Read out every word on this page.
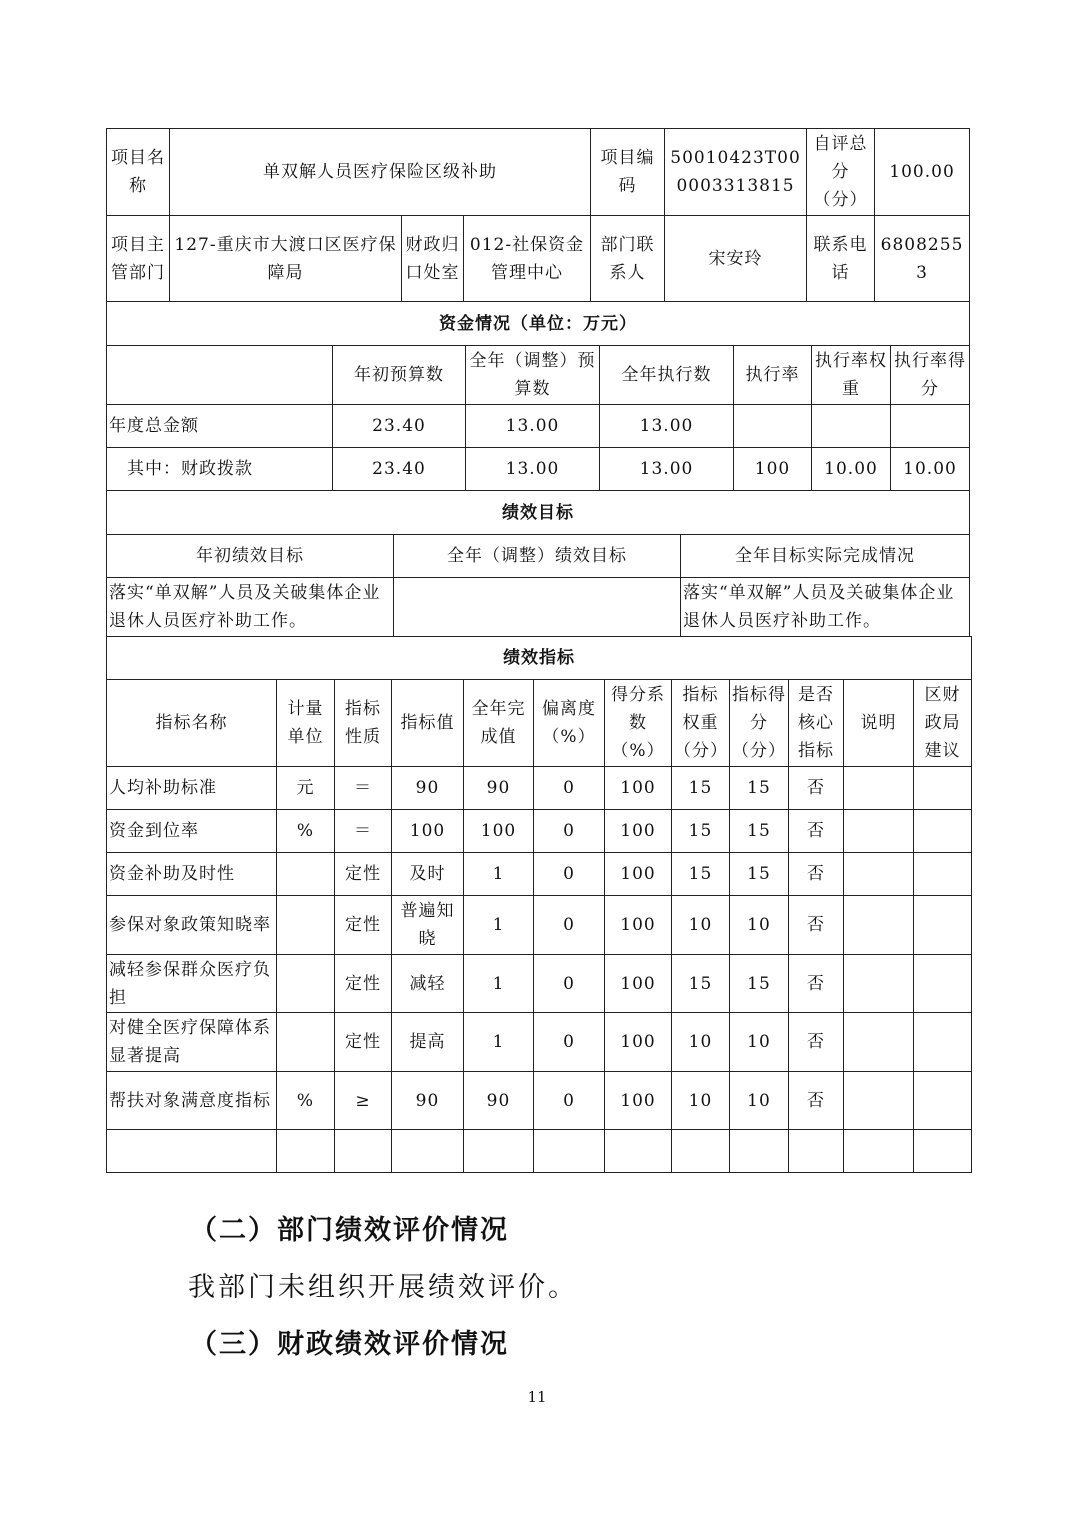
项目名称	单双解人员医疗保险区级补助			项目编码	50010423T000003313815	自评总分（分）	100.00
项目主管部门	127-重庆市大渡口区医疗保障局	财政归口处室	012-社保资金管理中心	部门联系人	宋安玲	联系电话	68082553
资金情况（单位：万元）						
	年初预算数	全年（调整）预算数	全年执行数	执行率	执行率权重	执行率得分
年度总金额	23.40	13.00	13.00			
其中：财政拨款	23.40	13.00	13.00	100	10.00	10.00
绩效目标		
年初绩效目标	全年（调整）绩效目标	全年目标实际完成情况
落实“单双解”人员及关破集体企业退休人员医疗补助工作。		落实“单双解”人员及关破集体企业退休人员医疗补助工作。
绩效指标											
指标名称	计量单位	指标性质	指标值	全年完成值	偏离度（%）	得分系数（%）	指标权重（分）	指标得分（分）	是否核心指标	说明	区财政局建议
人均补助标准	元	＝	90	90	0	100	15	15	否		
资金到位率	%	＝	100	100	0	100	15	15	否		
资金补助及时性		定性	及时	1	0	100	15	15	否		
参保对象政策知晓率		定性	普遍知晓	1	0	100	10	10	否		
减轻参保群众医疗负担		定性	减轻	1	0	100	15	15	否		
对健全医疗保障体系显著提高		定性	提高	1	0	100	10	10	否		
帮扶对象满意度指标	%	≥	90	90	0	100	10	10	否		

（二）部门绩效评价情况
我部门未组织开展绩效评价。
（三）财政绩效评价情况
11
